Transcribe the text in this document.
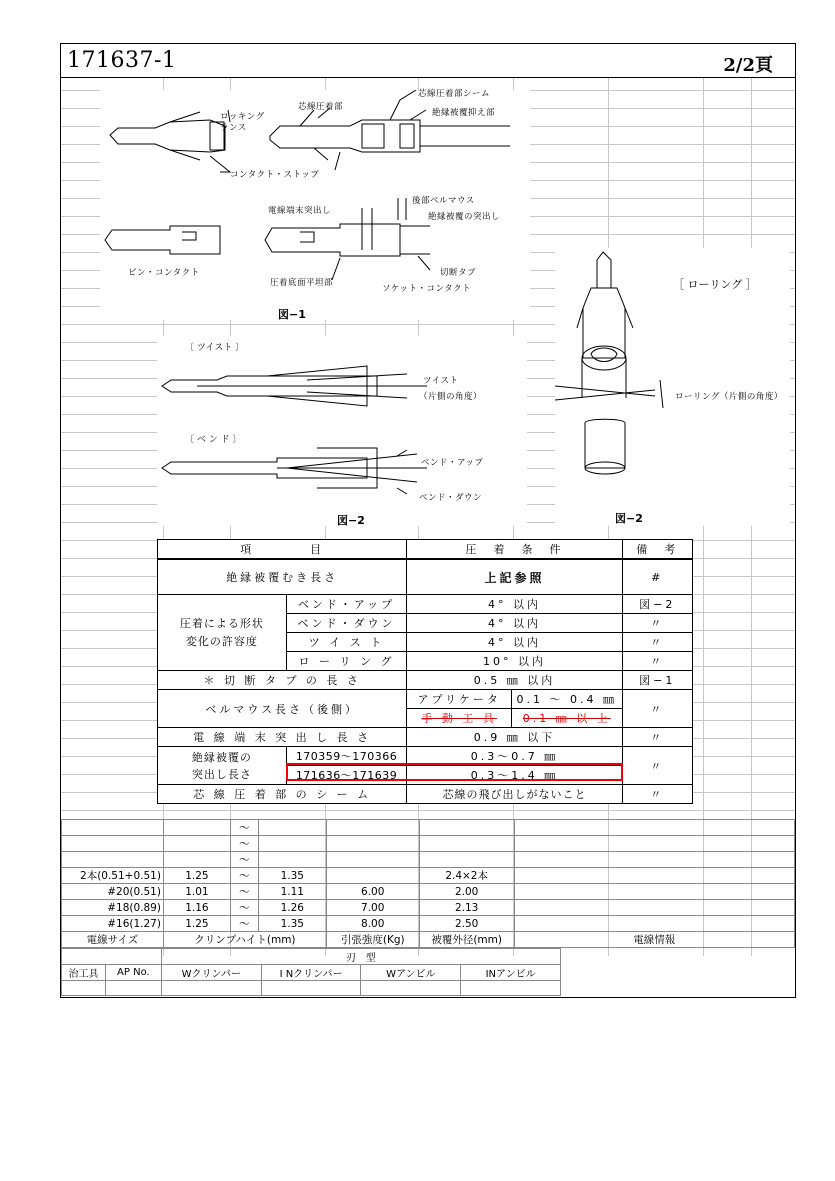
171637-1	2/2頁
ロッキング
ランス
芯線圧着部
芯線圧着部シーム
絶縁被覆抑え部
コンタクト・ストップ
電線端末突出し
後部ベルマウス
絶縁被覆の突出し
ピン・コンタクト
圧着底面平坦部
切断タブ
ソケット・コンタクト
図−1
〔 ツイスト 〕
ツイスト
（片側の角度）
〔 ベ ン ド 〕
ベンド・アップ
ベンド・ダウン
図−2
［ ローリング ］
ローリング（片側の角度）
図−2
項　　　　目		圧　着　条　件		備　考
絶縁被覆むき長さ		上記参照		#
圧着による形状
変化の許容度	ベンド・アップ	4° 以内		図−2
	ベンド・ダウン	4° 以内		〃
	ツ イ ス ト	4° 以内		〃
	ロ ー リ ン グ	10° 以内		〃
＊ 切 断 タ ブ の 長 さ		0.5 ㎜ 以内		図−1
ベルマウス長さ（後側）		アプリケータ	0.1 〜 0.4 ㎜	〃
		手 動 工 具	0.1 ㎜ 以 上	
電 線 端 末 突 出 し 長 さ		0.9 ㎜ 以下		〃
絶縁被覆の
突出し長さ	170359〜170366	0.3〜0.7 ㎜		〃
	171636〜171639	0.3〜1.4 ㎜		
芯 線 圧 着 部 の シ ー ム		芯線の飛び出しがないこと		〃
		〜				
		〜				
		〜				
2本(0.51+0.51)	1.25	〜	1.35		2.4×2本	
#20(0.51)	1.01	〜	1.11	6.00	2.00	
#18(0.89)	1.16	〜	1.26	7.00	2.13	
#16(1.27)	1.25	〜	1.35	8.00	2.50	
電線サイズ	クリンプハイト(mm)			引張強度(Kg)	被覆外径(mm)	電線情報
		刃　型			
治工具	AP No.	Wクリンパー	I Nクリンパー	Wアンビル	INアンビル
